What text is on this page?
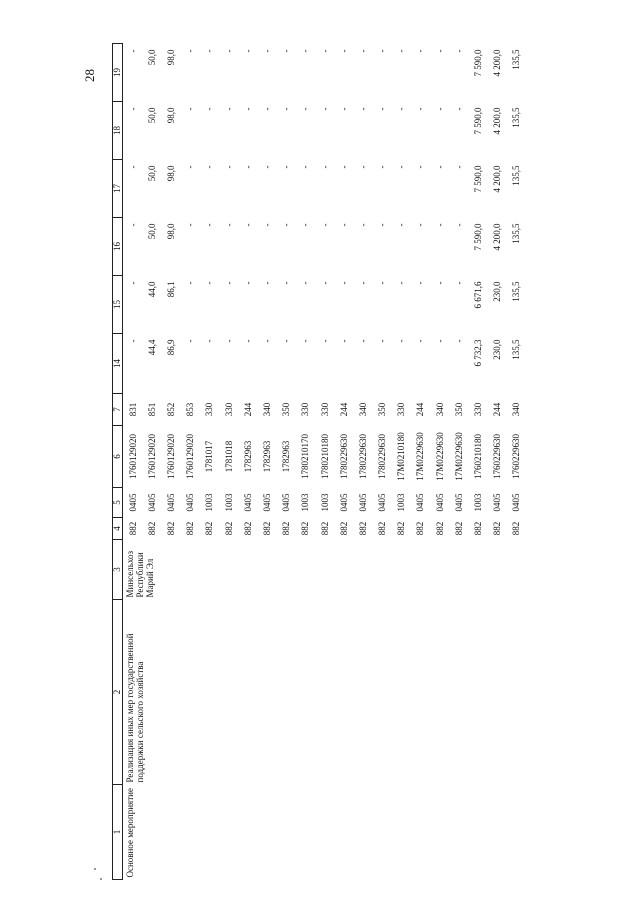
28
1	2	3	4	5	6	7	14	15	16	17	18	19
Основное мероприятие	Реализация иных мер государственной поддержки сельского хозяйства	Минсельхоз Республики Марий Эл	882	0405	1760129020	831	-	-	-	-	-	-
			882	0405	1760129020	851	44,4	44,0	50,0	50,0	50,0	50,0
			882	0405	1760129020	852	86,9	86,1	98,0	98,0	98,0	98,0
			882	0405	1760129020	853	-	-	-	-	-	-
			882	1003	1781017	330	-	-	-	-	-	-
			882	1003	1781018	330	-	-	-	-	-	-
			882	0405	1782963	244	-	-	-	-	-	-
			882	0405	1782963	340	-	-	-	-	-	-
			882	0405	1782963	350	-	-	-	-	-	-
			882	1003	1780210170	330	-	-	-	-	-	-
			882	1003	1780210180	330	-	-	-	-	-	-
			882	0405	1780229630	244	-	-	-	-	-	-
			882	0405	1780229630	340	-	-	-	-	-	-
			882	0405	1780229630	350	-	-	-	-	-	-
			882	1003	17М0210180	330	-	-	-	-	-	-
			882	0405	17М0229630	244	-	-	-	-	-	-
			882	0405	17М0229630	340	-	-	-	-	-	-
			882	0405	17М0229630	350	-	-	-	-	-	-
			882	1003	1760210180	330	6 732,3	6 671,6	7 590,0	7 590,0	7 590,0	7 590,0
			882	0405	1760229630	244	230,0	230,0	4 200,0	4 200,0	4 200,0	4 200,0
			882	0405	1760229630	340	135,5	135,5	135,5	135,5	135,5	135,5
